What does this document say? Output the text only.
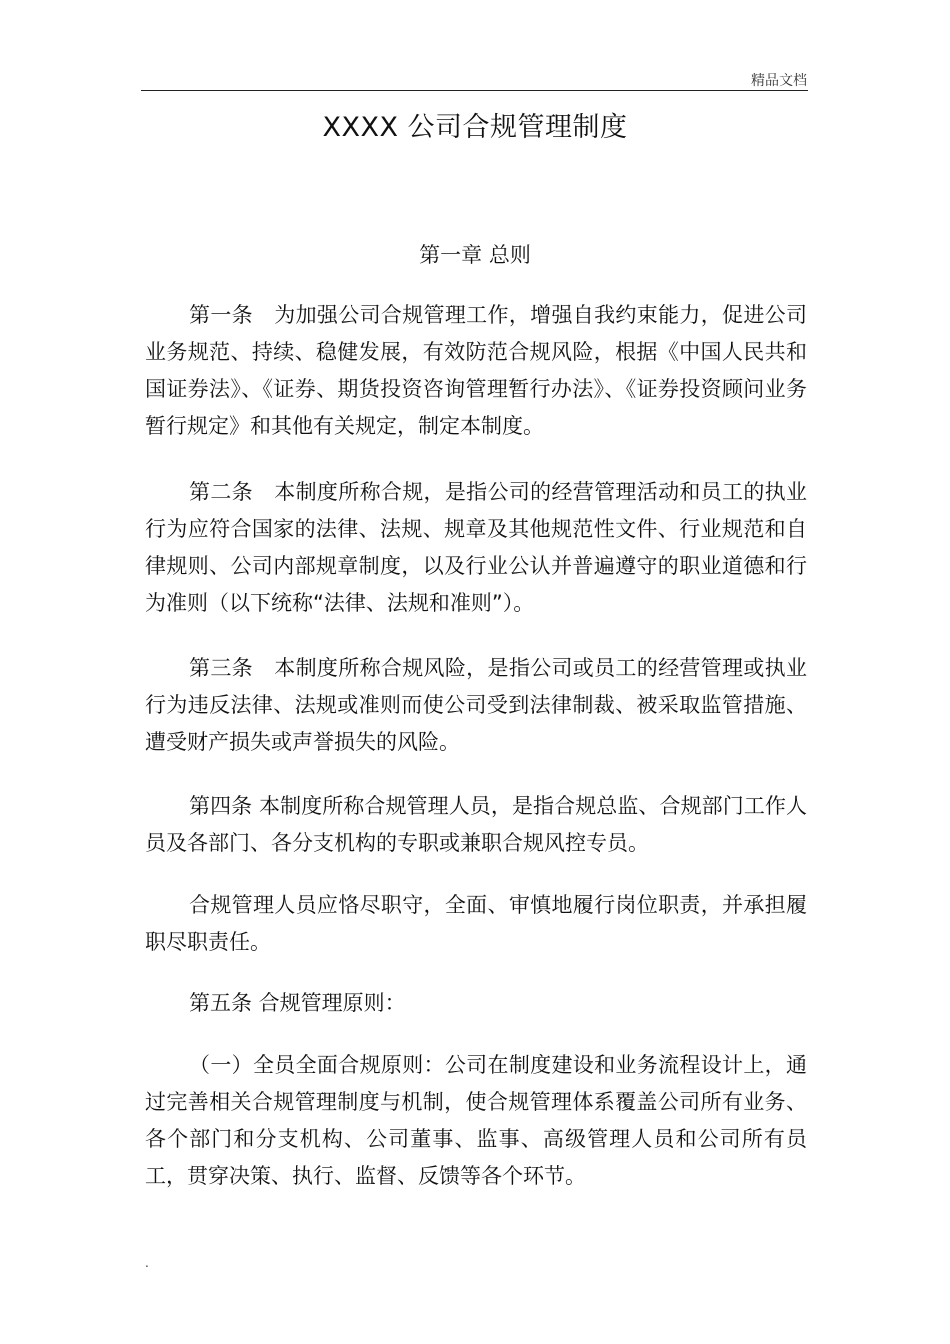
精品文档
XXXX 公司合规管理制度
第一章 总则

第一条　为加强公司合规管理工作，增强自我约束能力，促进公司业务规范、持续、稳健发展，有效防范合规风险，根据《中国人民共和国证券法》、《证券、期货投资咨询管理暂行办法》、《证券投资顾问业务暂行规定》和其他有关规定，制定本制度。

第二条　本制度所称合规，是指公司的经营管理活动和员工的执业行为应符合国家的法律、法规、规章及其他规范性文件、行业规范和自律规则、公司内部规章制度，以及行业公认并普遍遵守的职业道德和行为准则（以下统称“法律、法规和准则”）。

第三条　本制度所称合规风险，是指公司或员工的经营管理或执业行为违反法律、法规或准则而使公司受到法律制裁、被采取监管措施、遭受财产损失或声誉损失的风险。

第四条 本制度所称合规管理人员，是指合规总监、合规部门工作人员及各部门、各分支机构的专职或兼职合规风控专员。

合规管理人员应恪尽职守，全面、审慎地履行岗位职责，并承担履职尽职责任。

第五条 合规管理原则：

（一）全员全面合规原则：公司在制度建设和业务流程设计上，通过完善相关合规管理制度与机制，使合规管理体系覆盖公司所有业务、各个部门和分支机构、公司董事、监事、高级管理人员和公司所有员工，贯穿决策、执行、监督、反馈等各个环节。

.
